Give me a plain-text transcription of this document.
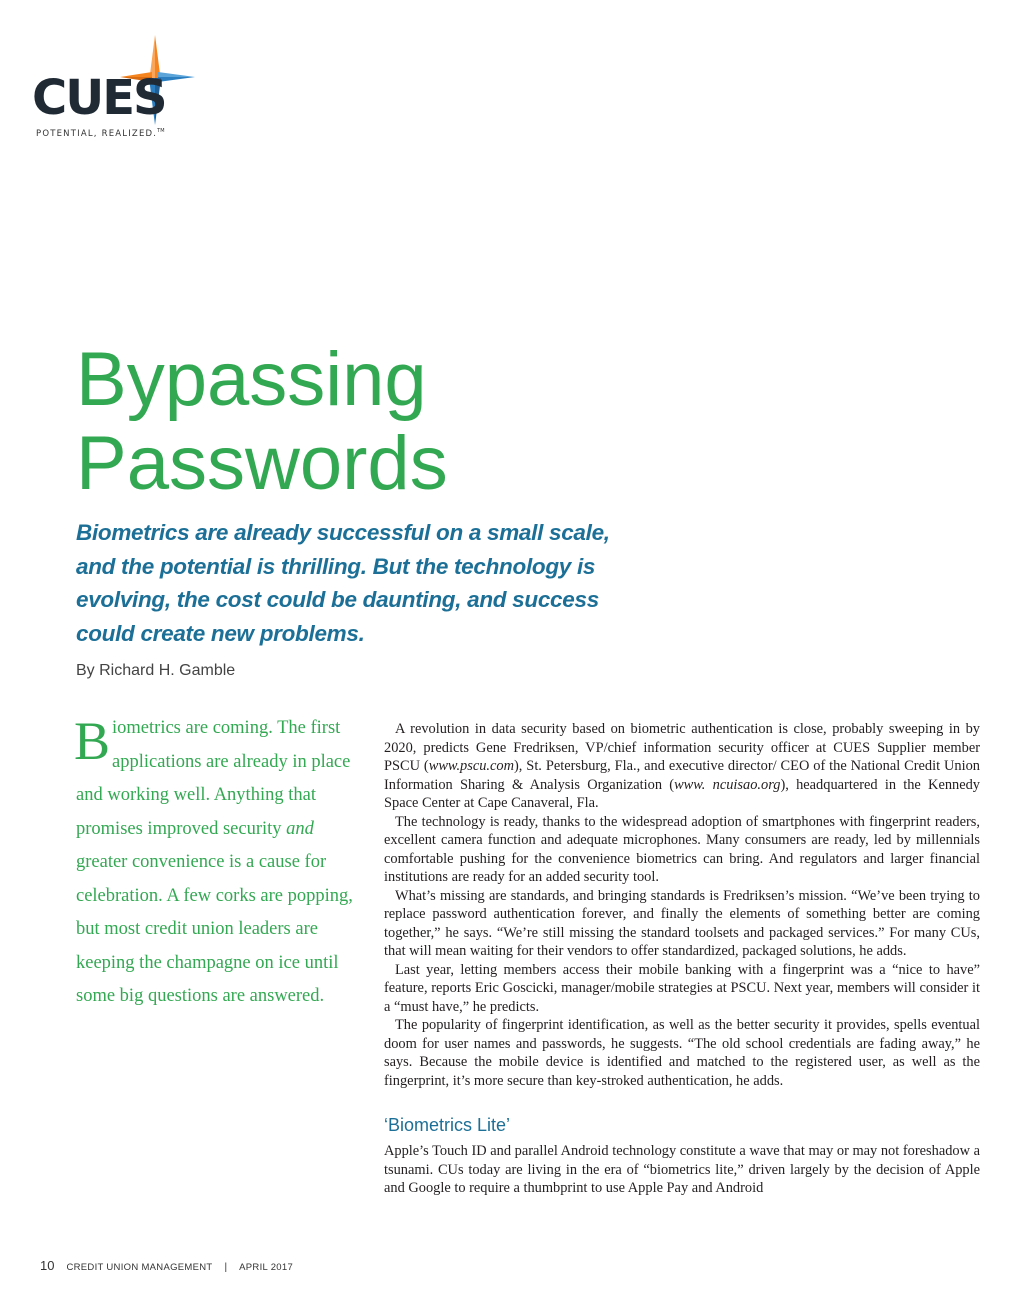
CUES
POTENTIAL, REALIZED.™
Bypassing
Passwords

Biometrics are already successful on a small scale, and the potential is thrilling. But the technology is evolving, the cost could be daunting, and success could create new problems.

By Richard H. Gamble

Biometrics are coming. The first applications are already in place and working well. Anything that promises improved security and greater convenience is a cause for celebration. A few corks are popping, but most credit union leaders are keeping the champagne on ice until some big questions are answered.

A revolution in data security based on biometric authentication is close, probably sweeping in by 2020, predicts Gene Fredriksen, VP/chief information security officer at CUES Supplier member PSCU (www.pscu.com), St. Petersburg, Fla., and executive director/ CEO of the National Credit Union Information Sharing & Analysis Organization (www. ncuisao.org), headquartered in the Kennedy Space Center at Cape Canaveral, Fla.

The technology is ready, thanks to the widespread adoption of smartphones with fingerprint readers, excellent camera function and adequate microphones. Many consumers are ready, led by millennials comfortable pushing for the convenience biometrics can bring. And regulators and larger financial institutions are ready for an added security tool.

What’s missing are standards, and bringing standards is Fredriksen’s mission. “We’ve been trying to replace password authentication forever, and finally the elements of something better are coming together,” he says. “We’re still missing the standard toolsets and packaged services.” For many CUs, that will mean waiting for their vendors to offer standardized, packaged solutions, he adds.

Last year, letting members access their mobile banking with a fingerprint was a “nice to have” feature, reports Eric Goscicki, manager/mobile strategies at PSCU. Next year, members will consider it a “must have,” he predicts.

The popularity of fingerprint identification, as well as the better security it provides, spells eventual doom for user names and passwords, he suggests. “The old school credentials are fading away,” he says. Because the mobile device is identified and matched to the registered user, as well as the fingerprint, it’s more secure than key-stroked authentication, he adds.

‘Biometrics Lite’

Apple’s Touch ID and parallel Android technology constitute a wave that may or may not foreshadow a tsunami. CUs today are living in the era of “biometrics lite,” driven largely by the decision of Apple and Google to require a thumbprint to use Apple Pay and Android

10 CREDIT UNION MANAGEMENT | APRIL 2017
